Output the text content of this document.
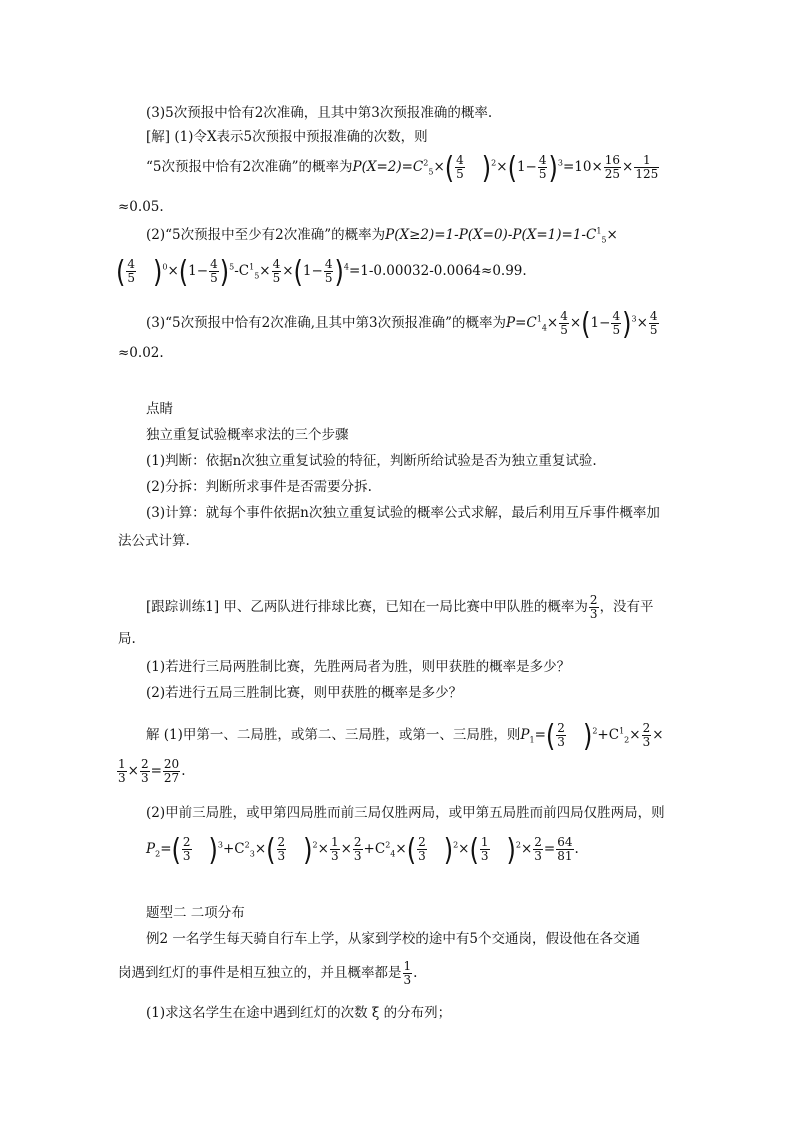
(3)5次预报中恰有2次准确，且其中第3次预报准确的概率.
[解] (1)令X表示5次预报中预报准确的次数，则
“5次预报中恰有2次准确”的概率为$P(X=2)=C^2_5\times( \frac{4}{5} )^2\times(1- \frac{4}{5} )^3=10\times \frac{16}{25} \times \frac{1}{125}$
≈0.05.
(2)“5次预报中至少有2次准确”的概率为$P(X\ge 2)=1-P(X=0)-P(X=1)=1-C^1_5\times$
( $\frac{4}{5} )^0\times(1- \frac{4}{5} )^5-C^1_5\times \frac{4}{5} \times(1- \frac{4}{5} )^4=1-0.00032-0.0064\approx 0.99$.
(3)“5次预报中恰有2次准确,且其中第3次预报准确”的概率为$P=C^1_4\times \frac{4}{5} \times(1- \frac{4}{5} )^3\times \frac{4}{5}$
≈0.02.
点睛
独立重复试验概率求法的三个步骤
(1)判断：依据n次独立重复试验的特征，判断所给试验是否为独立重复试验.
(2)分拆：判断所求事件是否需要分拆.
(3)计算：就每个事件依据n次独立重复试验的概率公式求解，最后利用互斥事件概率加
法公式计算.
[跟踪训练1] 甲、乙两队进行排球比赛，已知在一局比赛中甲队胜的概率为 $\frac{2}{3}$ ，没有平
局.
(1)若进行三局两胜制比赛，先胜两局者为胜，则甲获胜的概率是多少？
(2)若进行五局三胜制比赛，则甲获胜的概率是多少？
解 (1)甲第一、二局胜，或第二、三局胜，或第一、三局胜，则$P_1=( \frac{2}{3} )^2+C^1_2\times \frac{2}{3}$ ×
$\frac{1}{3} \times \frac{2}{3} = \frac{20}{27}$ .
(2)甲前三局胜，或甲第四局胜而前三局仅胜两局，或甲第五局胜而前四局仅胜两局，则
$P_2=( \frac{2}{3} )^3+C^2_3\times( \frac{2}{3} )^2\times \frac{1}{3} \times \frac{2}{3} +C^2_4\times( \frac{2}{3} )^2\times( \frac{1}{3} )^2\times \frac{2}{3} = \frac{64}{81}$ .
题型二 二项分布
例2 一名学生每天骑自行车上学，从家到学校的途中有5个交通岗，假设他在各交通
岗遇到红灯的事件是相互独立的，并且概率都是 $\frac{1}{3}$ .
(1)求这名学生在途中遇到红灯的次数 ξ 的分布列；
